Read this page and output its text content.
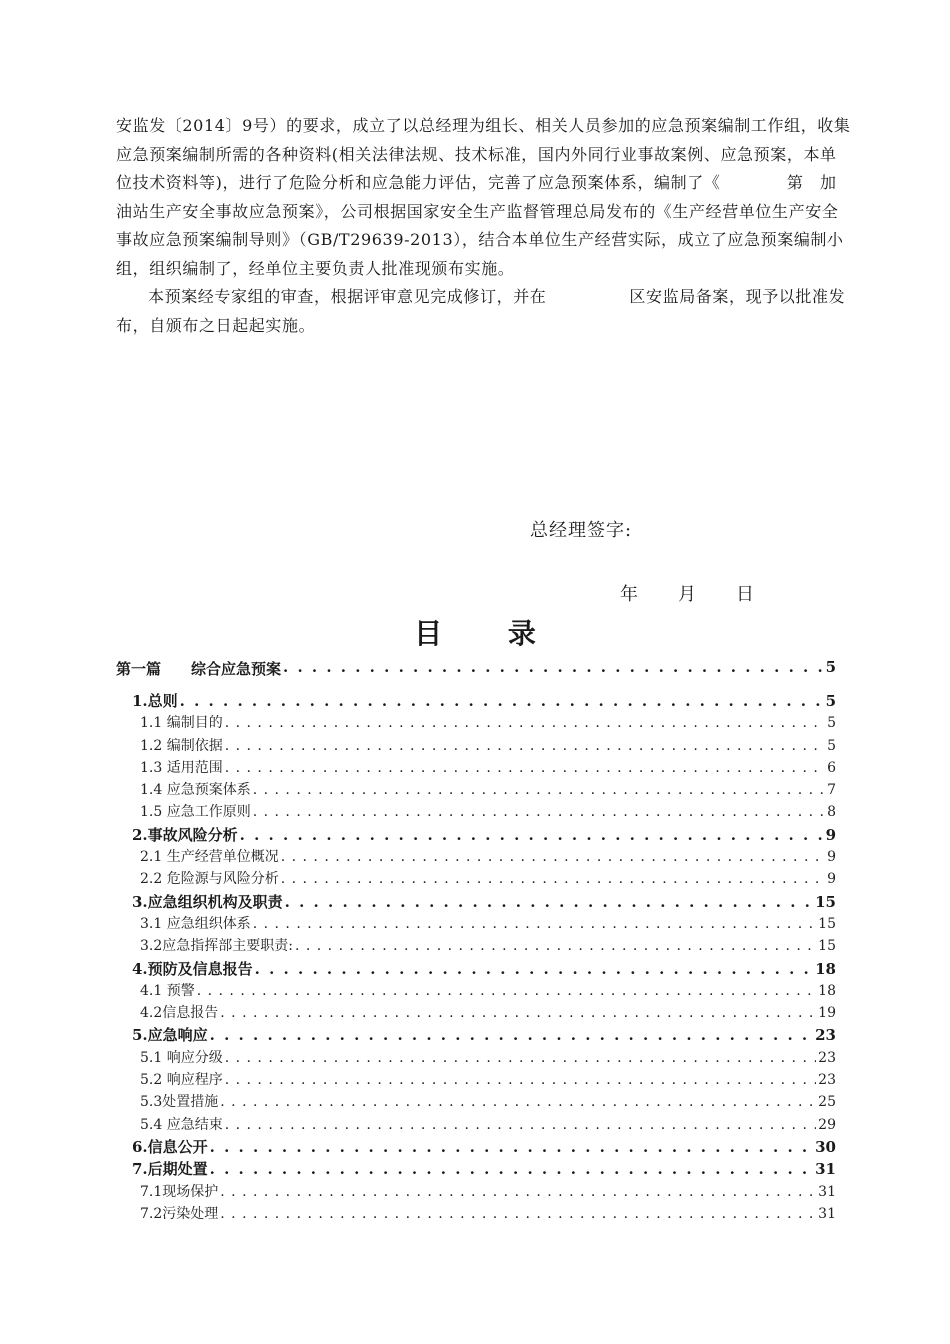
安监发〔2014〕9号）的要求，成立了以总经理为组长、相关人员参加的应急预案编制工作组，收集应急预案编制所需的各种资料(相关法律法规、技术标准，国内外同行业事故案例、应急预案，本单位技术资料等)，进行了危险分析和应急能力评估，完善了应急预案体系，编制了《　　　　第　加油站生产安全事故应急预案》，公司根据国家安全生产监督管理总局发布的《生产经营单位生产安全事故应急预案编制导则》（GB/T29639-2013），结合本单位生产经营实际，成立了应急预案编制小组，组织编制了，经单位主要负责人批准现颁布实施。

本预案经专家组的审查，根据评审意见完成修订，并在　　　　　区安监局备案，现予以批准发布，自颁布之日起起实施。

总经理签字:
年 月 日
目 录
第一篇　　综合应急预案 . . .	5
1.总则 . . .	5
1.1 编制目的 . . .	5
1.2 编制依据 . . .	5
1.3 适用范围 . . .	6
1.4 应急预案体系 . . .	7
1.5 应急工作原则 . . .	8
2.事故风险分析 . . .	9
2.1 生产经营单位概况 . . .	9
2.2 危险源与风险分析 . . .	9
3.应急组织机构及职责 . . .	15
3.1 应急组织体系 . . .	15
3.2应急指挥部主要职责: . . .	15
4.预防及信息报告 . . .	18
4.1 预警 . . .	18
4.2信息报告 . . .	19
5.应急响应 . . .	23
5.1 响应分级 . . .	23
5.2 响应程序 . . .	23
5.3处置措施 . . .	25
5.4 应急结束 . . .	29
6.信息公开 . . .	30
7.后期处置 . . .	31
7.1现场保护 . . .	31
7.2污染处理 . . .	31
